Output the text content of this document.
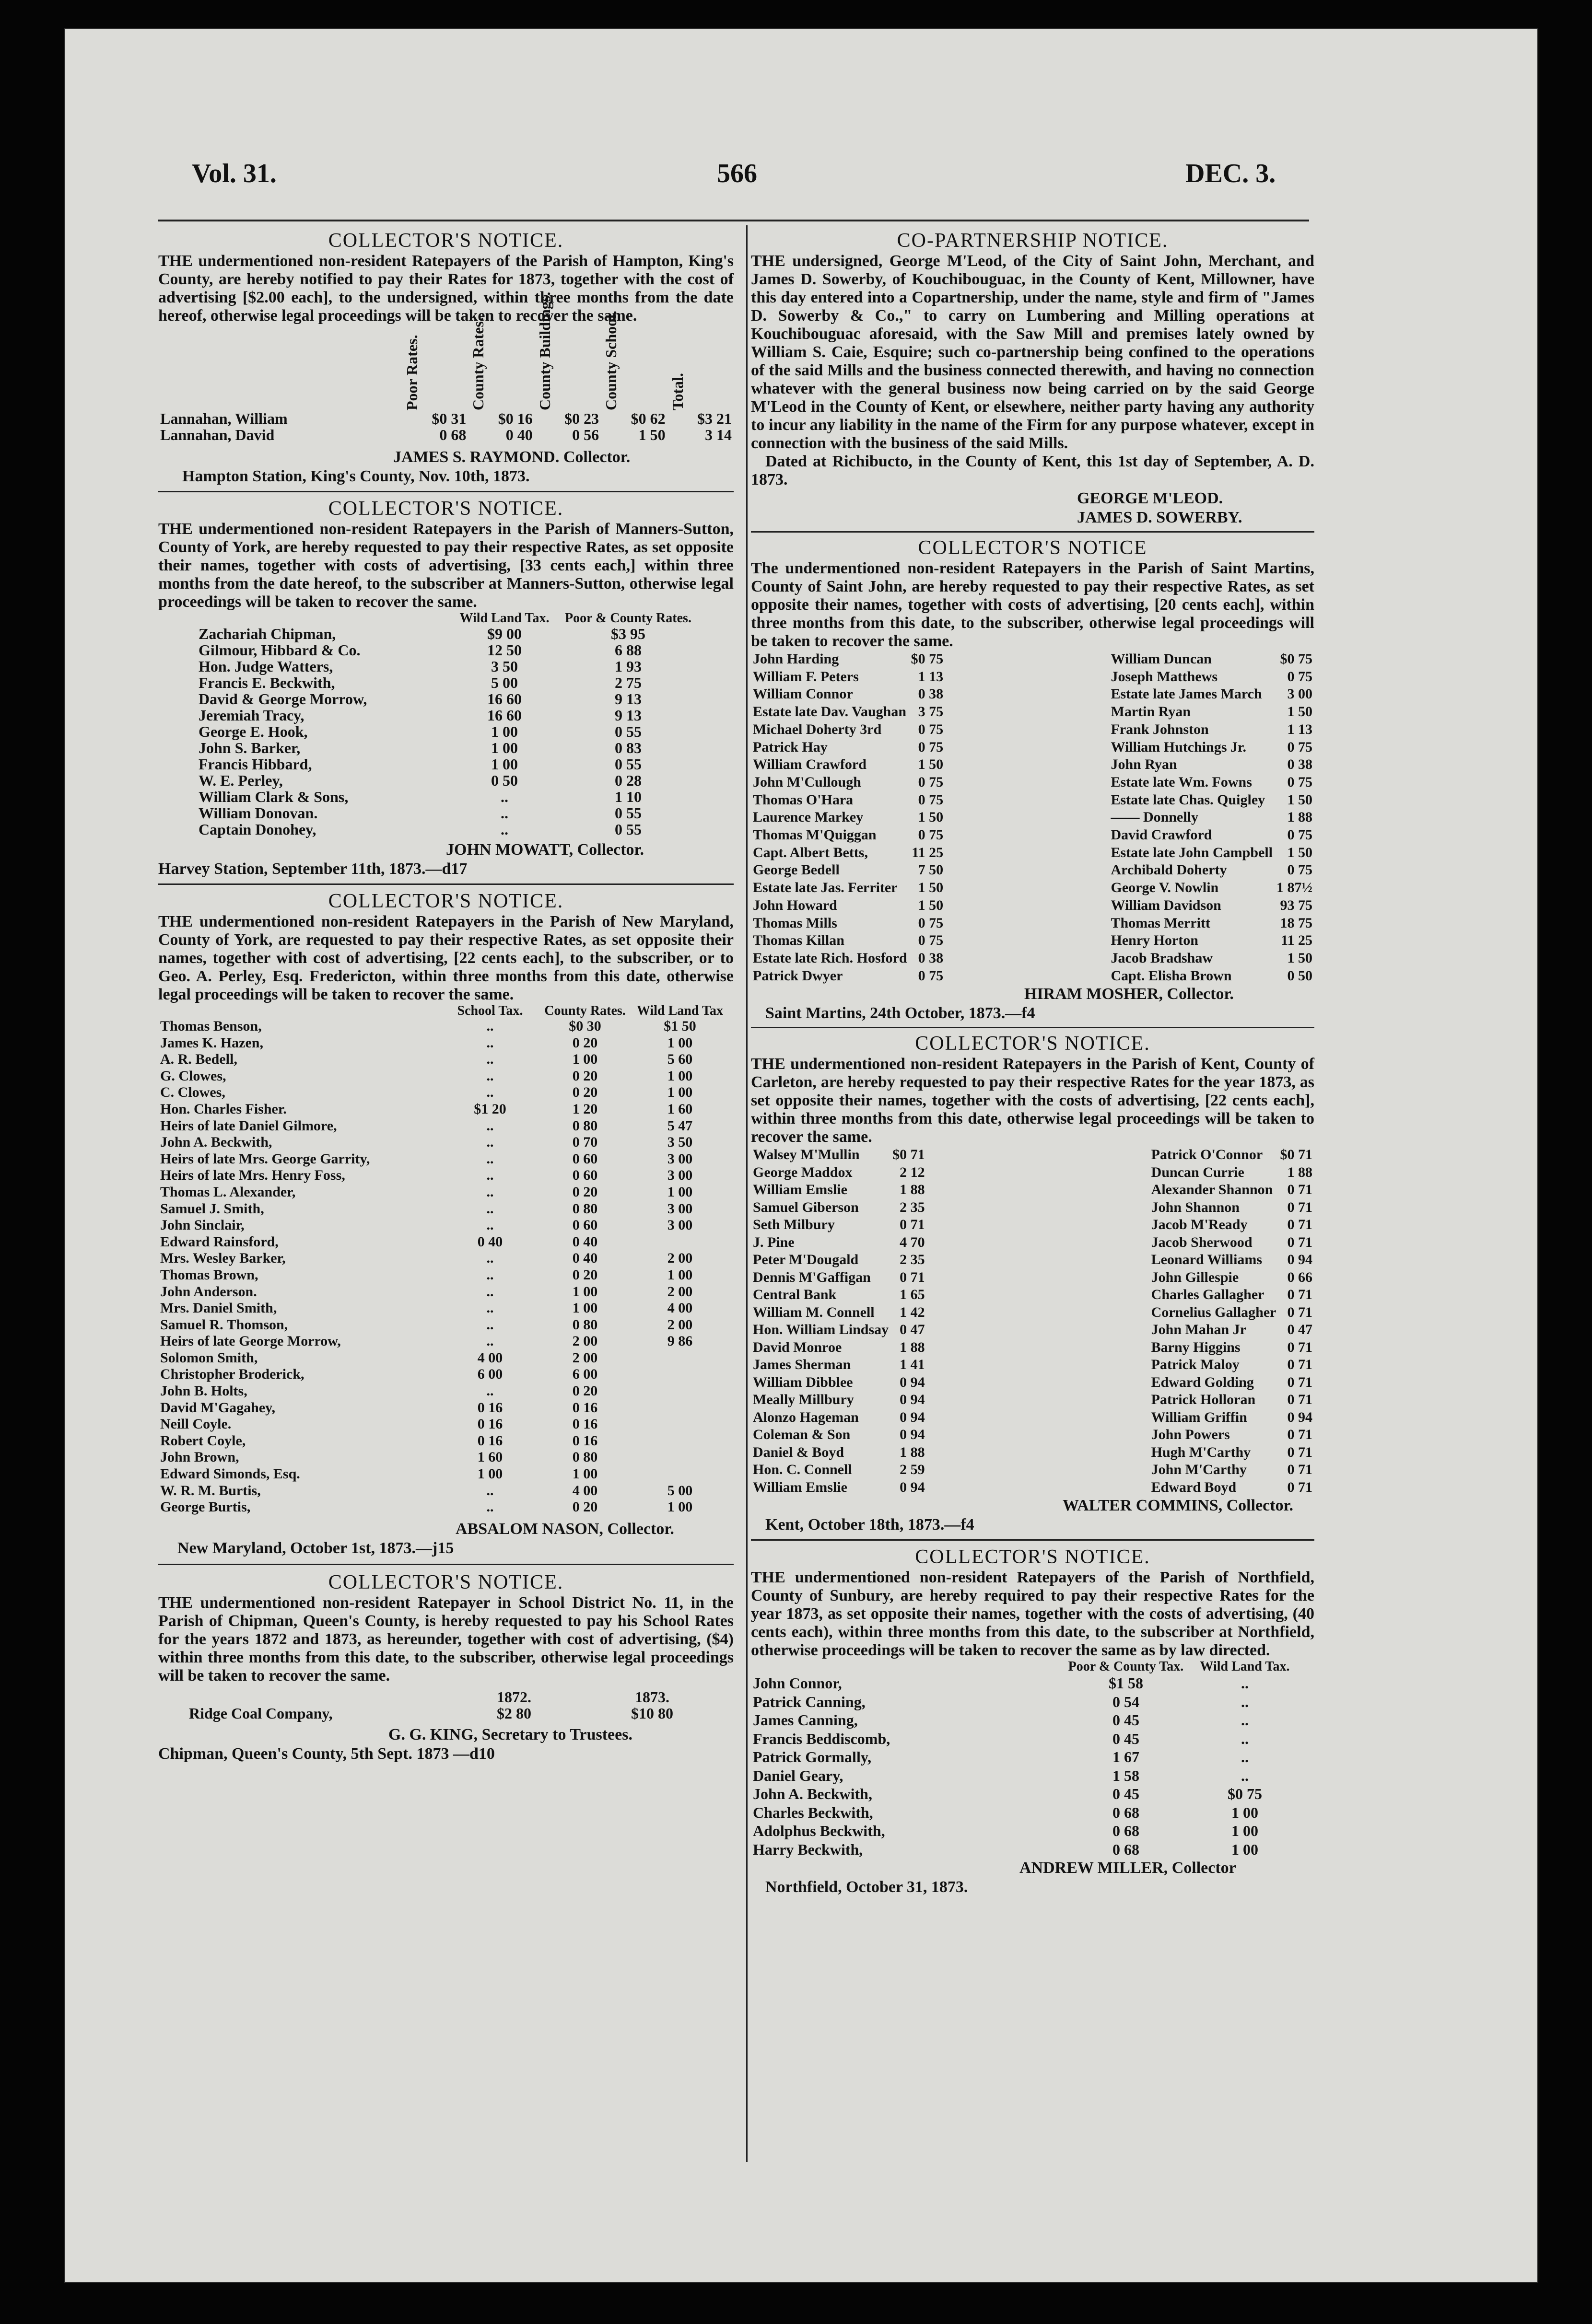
Vol. 31.	566	DEC. 3.

COLLECTOR'S NOTICE.

THE undermentioned non-resident Ratepayers of the Parish of Hampton, King's County, are hereby notified to pay their Rates for 1873, together with the cost of advertising [$2.00 each], to the undersigned, within three months from the date hereof, otherwise legal proceedings will be taken to recover the same.

	Poor Rates.	County Rates.	County Buildings.	County School.	Total.

Lannahan, William	$0 31	$0 16	$0 23	$0 62	$3 21
Lannahan, David	0 68	0 40	0 56	1 50	3 14
JAMES S. RAYMOND. Collector.
Hampton Station, King's County, Nov. 10th, 1873.

COLLECTOR'S NOTICE.

THE undermentioned non-resident Ratepayers in the Parish of Manners-Sutton, County of York, are hereby requested to pay their respective Rates, as set opposite their names, together with costs of advertising, [33 cents each,] within three months from the date hereof, to the subscriber at Manners-Sutton, otherwise legal proceedings will be taken to recover the same.

	Wild Land Tax.	Poor & County Rates.
Zachariah Chipman,	$9 00	$3 95
Gilmour, Hibbard & Co.	12 50	6 88
Hon. Judge Watters,	3 50	1 93
Francis E. Beckwith,	5 00	2 75
David & George Morrow,	16 60	9 13
Jeremiah Tracy,	16 60	9 13
George E. Hook,	1 00	0 55
John S. Barker,	1 00	0 83
Francis Hibbard,	1 00	0 55
W. E. Perley,	0 50	0 28
William Clark & Sons,	..	1 10
William Donovan.	..	0 55
Captain Donohey,	..	0 55
JOHN MOWATT, Collector.
Harvey Station, September 11th, 1873.—d17

COLLECTOR'S NOTICE.

THE undermentioned non-resident Ratepayers in the Parish of New Maryland, County of York, are requested to pay their respective Rates, as set opposite their names, together with cost of advertising, [22 cents each], to the subscriber, or to Geo. A. Perley, Esq. Fredericton, within three months from this date, otherwise legal proceedings will be taken to recover the same.

	School Tax.	County Rates.	Wild Land Tax
Thomas Benson,	..	$0 30	$1 50
James K. Hazen,	..	0 20	1 00
A. R. Bedell,	..	1 00	5 60
G. Clowes,	..	0 20	1 00
C. Clowes,	..	0 20	1 00
Hon. Charles Fisher.	$1 20	1 20	1 60
Heirs of late Daniel Gilmore,	..	0 80	5 47
John A. Beckwith,	..	0 70	3 50
Heirs of late Mrs. George Garrity,	..	0 60	3 00
Heirs of late Mrs. Henry Foss,	..	0 60	3 00
Thomas L. Alexander,	..	0 20	1 00
Samuel J. Smith,	..	0 80	3 00
John Sinclair,	..	0 60	3 00
Edward Rainsford,	0 40	0 40	
Mrs. Wesley Barker,	..	0 40	2 00
Thomas Brown,	..	0 20	1 00
John Anderson.	..	1 00	2 00
Mrs. Daniel Smith,	..	1 00	4 00
Samuel R. Thomson,	..	0 80	2 00
Heirs of late George Morrow,	..	2 00	9 86
Solomon Smith,	4 00	2 00	
Christopher Broderick,	6 00	6 00	
John B. Holts,	..	0 20	
David M'Gagahey,	0 16	0 16	
Neill Coyle.	0 16	0 16	
Robert Coyle,	0 16	0 16	
John Brown,	1 60	0 80	
Edward Simonds, Esq.	1 00	1 00	
W. R. M. Burtis,	..	4 00	5 00
George Burtis,	..	0 20	1 00
ABSALOM NASON, Collector.
New Maryland, October 1st, 1873.—j15

COLLECTOR'S NOTICE.

THE undermentioned non-resident Ratepayer in School District No. 11, in the Parish of Chipman, Queen's County, is hereby requested to pay his School Rates for the years 1872 and 1873, as hereunder, together with cost of advertising, ($4) within three months from this date, to the subscriber, otherwise legal proceedings will be taken to recover the same.

	1872.	1873.
Ridge Coal Company,	$2 80	$10 80
G. G. KING, Secretary to Trustees.
Chipman, Queen's County, 5th Sept. 1873 —d10

CO-PARTNERSHIP NOTICE.

THE undersigned, George M'Leod, of the City of Saint John, Merchant, and James D. Sowerby, of Kouchibouguac, in the County of Kent, Millowner, have this day entered into a Copartnership, under the name, style and firm of "James D. Sowerby & Co.," to carry on Lumbering and Milling operations at Kouchibouguac aforesaid, with the Saw Mill and premises lately owned by William S. Caie, Esquire; such co-partnership being confined to the operations of the said Mills and the business connected therewith, and having no connection whatever with the general business now being carried on by the said George M'Leod in the County of Kent, or elsewhere, neither party having any authority to incur any liability in the name of the Firm for any purpose whatever, except in connection with the business of the said Mills.

Dated at Richibucto, in the County of Kent, this 1st day of September, A. D. 1873.

GEORGE M'LEOD.
JAMES D. SOWERBY.

COLLECTOR'S NOTICE

The undermentioned non-resident Ratepayers in the Parish of Saint Martins, County of Saint John, are hereby requested to pay their respective Rates, as set opposite their names, together with costs of advertising, [20 cents each], within three months from this date, to the subscriber, otherwise legal proceedings will be taken to recover the same.

John Harding	$0 75
William F. Peters	1 13
William Connor	0 38
Estate late Dav. Vaughan	3 75
Michael Doherty 3rd	0 75
Patrick Hay	0 75
William Crawford	1 50
John M'Cullough	0 75
Thomas O'Hara	0 75
Laurence Markey	1 50
Thomas M'Quiggan	0 75
Capt. Albert Betts,	11 25
George Bedell	7 50
Estate late Jas. Ferriter	1 50
John Howard	1 50
Thomas Mills	0 75
Thomas Killan	0 75
Estate late Rich. Hosford	0 38
Patrick Dwyer	0 75
William Duncan	$0 75
Joseph Matthews	0 75
Estate late James March	3 00
Martin Ryan	1 50
Frank Johnston	1 13
William Hutchings Jr.	0 75
John Ryan	0 38
Estate late Wm. Fowns	0 75
Estate late Chas. Quigley	1 50
—— Donnelly	1 88
David Crawford	0 75
Estate late John Campbell	1 50
Archibald Doherty	0 75
George V. Nowlin	1 87½
William Davidson	93 75
Thomas Merritt	18 75
Henry Horton	11 25
Jacob Bradshaw	1 50
Capt. Elisha Brown	0 50
HIRAM MOSHER, Collector.
Saint Martins, 24th October, 1873.—f4

COLLECTOR'S NOTICE.

THE undermentioned non-resident Ratepayers in the Parish of Kent, County of Carleton, are hereby requested to pay their respective Rates for the year 1873, as set opposite their names, together with the costs of advertising, [22 cents each], within three months from this date, otherwise legal proceedings will be taken to recover the same.

Walsey M'Mullin	$0 71
George Maddox	2 12
William Emslie	1 88
Samuel Giberson	2 35
Seth Milbury	0 71
J. Pine	4 70
Peter M'Dougald	2 35
Dennis M'Gaffigan	0 71
Central Bank	1 65
William M. Connell	1 42
Hon. William Lindsay	0 47
David Monroe	1 88
James Sherman	1 41
William Dibblee	0 94
Meally Millbury	0 94
Alonzo Hageman	0 94
Coleman & Son	0 94
Daniel & Boyd	1 88
Hon. C. Connell	2 59
William Emslie	0 94
Patrick O'Connor	$0 71
Duncan Currie	1 88
Alexander Shannon	0 71
John Shannon	0 71
Jacob M'Ready	0 71
Jacob Sherwood	0 71
Leonard Williams	0 94
John Gillespie	0 66
Charles Gallagher	0 71
Cornelius Gallagher	0 71
John Mahan Jr	0 47
Barny Higgins	0 71
Patrick Maloy	0 71
Edward Golding	0 71
Patrick Holloran	0 71
William Griffin	0 94
John Powers	0 71
Hugh M'Carthy	0 71
John M'Carthy	0 71
Edward Boyd	0 71
WALTER COMMINS, Collector.
Kent, October 18th, 1873.—f4

COLLECTOR'S NOTICE.

THE undermentioned non-resident Ratepayers of the Parish of Northfield, County of Sunbury, are hereby required to pay their respective Rates for the year 1873, as set opposite their names, together with the costs of advertising, (40 cents each), within three months from this date, to the subscriber at Northfield, otherwise proceedings will be taken to recover the same as by law directed.

	Poor & County Tax.	Wild Land Tax.
John Connor,	$1 58	..
Patrick Canning,	0 54	..
James Canning,	0 45	..
Francis Beddiscomb,	0 45	..
Patrick Gormally,	1 67	..
Daniel Geary,	1 58	..
John A. Beckwith,	0 45	$0 75
Charles Beckwith,	0 68	1 00
Adolphus Beckwith,	0 68	1 00
Harry Beckwith,	0 68	1 00
ANDREW MILLER, Collector
Northfield, October 31, 1873.
